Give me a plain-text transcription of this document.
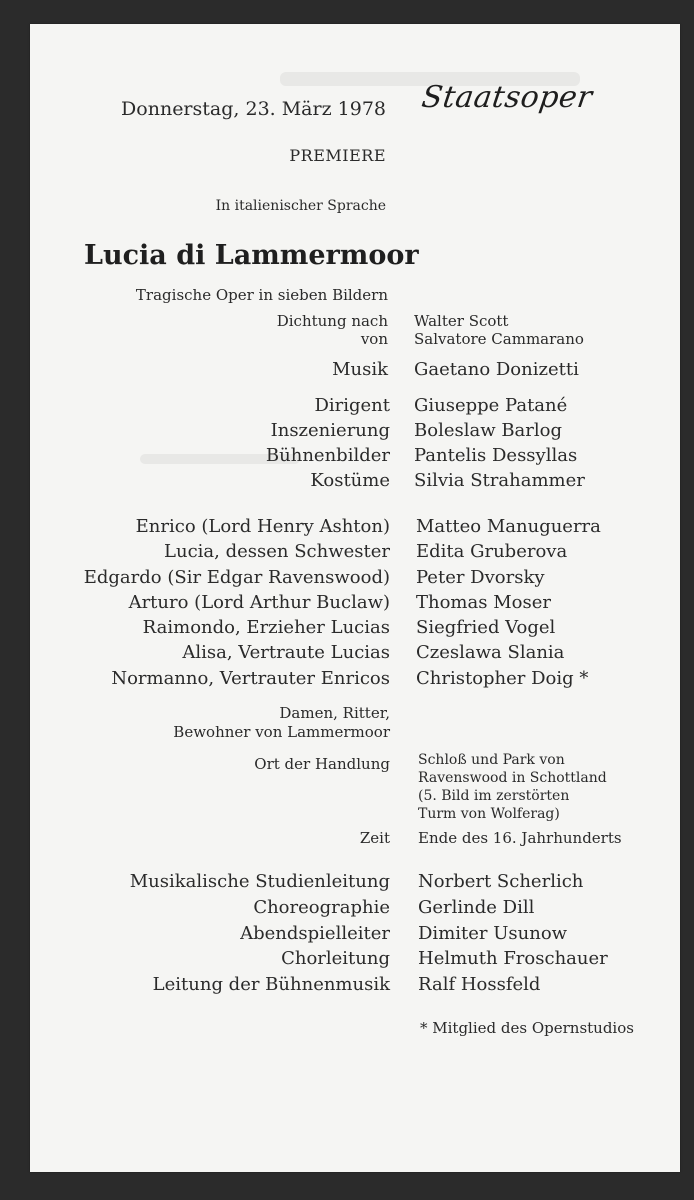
Donnerstag, 23. März 1978 Staatsoper
PREMIERE
In italienischer Sprache
Lucia di Lammermoor
Tragische Oper in sieben Bildern
Dichtung nach Walter Scott
von Salvatore Cammarano
Musik Gaetano Donizetti
Dirigent Giuseppe Patané
Inszenierung Boleslaw Barlog
Bühnenbilder Pantelis Dessyllas
Kostüme Silvia Strahammer
Enrico (Lord Henry Ashton) Matteo Manuguerra
Lucia, dessen Schwester Edita Gruberova
Edgardo (Sir Edgar Ravenswood) Peter Dvorsky
Arturo (Lord Arthur Buclaw) Thomas Moser
Raimondo, Erzieher Lucias Siegfried Vogel
Alisa, Vertraute Lucias Czeslawa Slania
Normanno, Vertrauter Enricos Christopher Doig *
Damen, Ritter,
Bewohner von Lammermoor
Ort der Handlung Schloß und Park von
Ravenswood in Schottland
(5. Bild im zerstörten
Turm von Wolferag)
Zeit Ende des 16. Jahrhunderts
Musikalische Studienleitung Norbert Scherlich
Choreographie Gerlinde Dill
Abendspielleiter Dimiter Usunow
Chorleitung Helmuth Froschauer
Leitung der Bühnenmusik Ralf Hossfeld
* Mitglied des Opernstudios
